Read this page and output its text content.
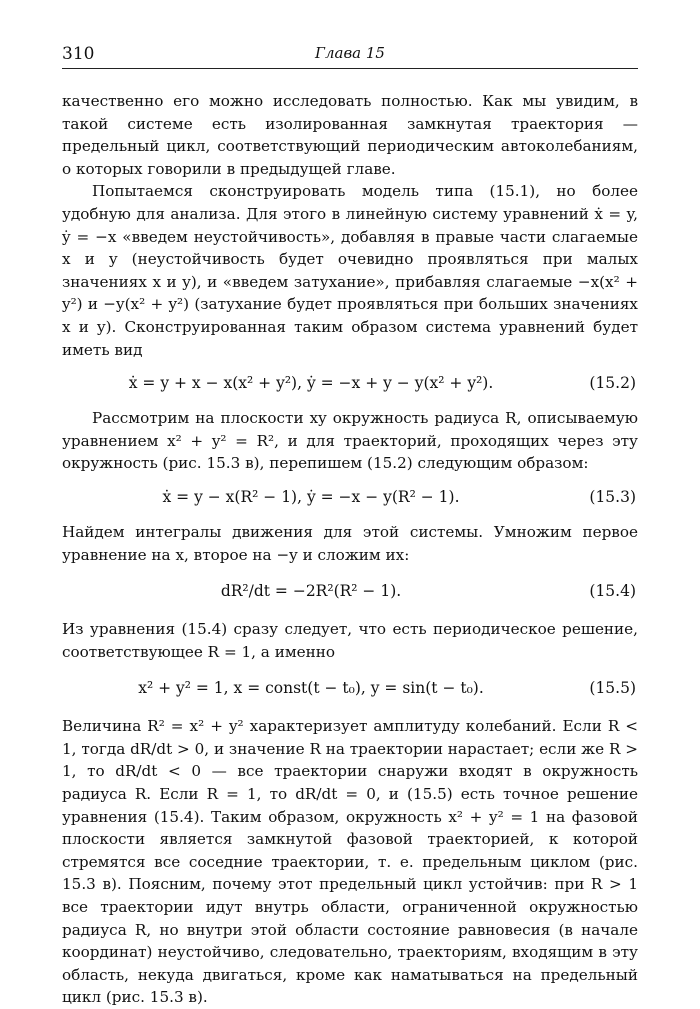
310	Глава 15

качественно его можно исследовать полностью. Как мы увидим, в такой системе есть изолированная замкнутая траектория — предельный цикл, соответствующий периодическим автоколебаниям, о которых говорили в предыдущей главе.

Попытаемся сконструировать модель типа (15.1), но более удобную для анализа. Для этого в линейную систему уравнений ẋ = y, ẏ = −x «введем неустойчивость», добавляя в правые части слагаемые x и y (неустойчивость будет очевидно проявляться при малых значениях x и y), и «введем затухание», прибавляя слагаемые −x(x² + y²) и −y(x² + y²) (затухание будет проявляться при больших значениях x и y). Сконструированная таким образом система уравнений будет иметь вид

ẋ = y + x − x(x² + y²), ẏ = −x + y − y(x² + y²).	(15.2)

Рассмотрим на плоскости xy окружность радиуса R, описываемую уравнением x² + y² = R², и для траекторий, проходящих через эту окружность (рис. 15.3 в), перепишем (15.2) следующим образом:

ẋ = y − x(R² − 1), ẏ = −x − y(R² − 1).	(15.3)

Найдем интегралы движения для этой системы. Умножим первое уравнение на x, второе на −y и сложим их:

dR²/dt = −2R²(R² − 1).	(15.4)

Из уравнения (15.4) сразу следует, что есть периодическое решение, соответствующее R = 1, а именно

x² + y² = 1, x = const(t − t₀), y = sin(t − t₀).	(15.5)

Величина R² = x² + y² характеризует амплитуду колебаний. Если R < 1, тогда dR/dt > 0, и значение R на траектории нарастает; если же R > 1, то dR/dt < 0 — все траектории снаружи входят в окружность радиуса R. Если R = 1, то dR/dt = 0, и (15.5) есть точное решение уравнения (15.4). Таким образом, окружность x² + y² = 1 на фазовой плоскости является замкнутой фазовой траекторией, к которой стремятся все соседние траектории, т. е. предельным циклом (рис. 15.3 в). Поясним, почему этот предельный цикл устойчив: при R > 1 все траектории идут внутрь области, ограниченной окружностью радиуса R, но внутри этой области состояние равновесия (в начале координат) неустойчиво, следовательно, траекториям, входящим в эту область, некуда двигаться, кроме как наматываться на предельный цикл (рис. 15.3 в).
